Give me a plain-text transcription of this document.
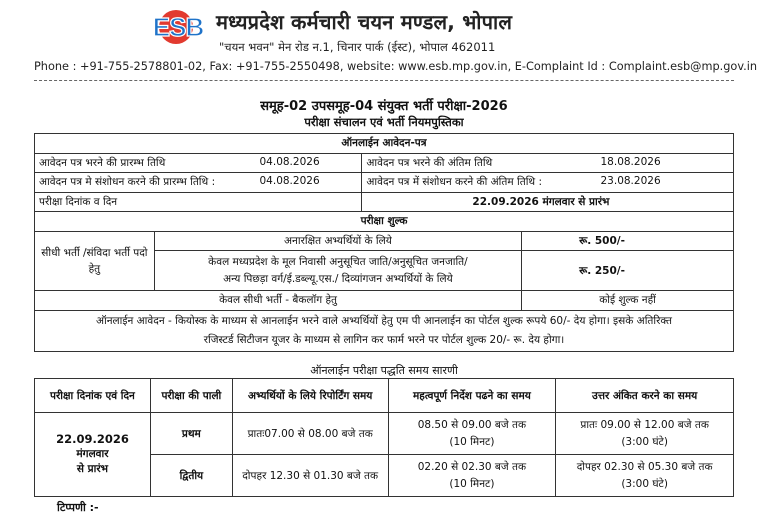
ESB मध्यप्रदेश कर्मचारी चयन मण्डल, भोपाल
"चयन भवन" मेन रोड न.1, चिनार पार्क (ईस्ट), भोपाल 462011
Phone : +91-755-2578801-02, Fax: +91-755-2550498, website: www.esb.mp.gov.in, E-Complaint Id : Complaint.esb@mp.gov.in
समूह-02 उपसमूह-04 संयुक्त भर्ती परीक्षा-2026
परीक्षा संचालन एवं भर्ती नियमपुस्तिका
ऑनलाईन आवेदन-पत्र			
आवेदन पत्र भरने की प्रारम्भ तिथि 04.08.2026		आवेदन पत्र भरने की अंतिम तिथि 18.08.2026	

आवेदन पत्र मे संशोधन करने की प्रारम्भ तिथि : 04.08.2026		आवेदन पत्र में संशोधन करने की अंतिम तिथि : 23.08.2026	

परीक्षा दिनांक व दिन		22.09.2026 मंगलवार से प्रारंभ	
परीक्षा शुल्क			
सीधी भर्ती /संविदा भर्ती पदो हेतु	अनारक्षित अभ्यर्थियों के लिये		रू. 500/-

	केवल मध्यप्रदेश के मूल निवासी अनुसूचित जाति/अनुसूचित जनजाति/
अन्य पिछड़ा वर्ग/ई.डब्ल्यू.एस./ दिव्यांगजन अभ्यर्थियों के लिये		रू. 250/-
केवल सीधी भर्ती - बैकलॉग हेतु			कोई शुल्क नहीं

ऑनलाईन आवेदन - कियोस्क के माध्यम से आनलाईन भरने वाले अभ्यर्थियों हेतु एम पी आनलाईन का पोर्टल शुल्क रूपये 60/- देय होगा। इसके अतिरिक्त
रजिस्टर्ड सिटीजन यूजर के माध्यम से लागिन कर फार्म भरने पर पोर्टल शुल्क 20/- रू. देय होगा।			
ऑनलाईन परीक्षा पद्धति समय सारणी
परीक्षा दिनांक एवं दिन	परीक्षा की पाली	अभ्यर्थियों के लिये रिपोर्टिंग समय	महत्वपूर्ण निर्देश पढने का समय	उत्तर अंकित करने का समय

22.09.2026
मंगलवार
से प्रारंभ	प्रथम	प्रातः07.00 से 08.00 बजे तक	08.50 से 09.00 बजे तक
(10 मिनट)	प्रातः 09.00 से 12.00 बजे तक
(3:00 घंटे)

	द्वितीय	दोपहर 12.30 से 01.30 बजे तक	02.20 से 02.30 बजे तक
(10 मिनट)	दोपहर 02.30 से 05.30 बजे तक
(3:00 घंटे)
टिप्पणी :-
